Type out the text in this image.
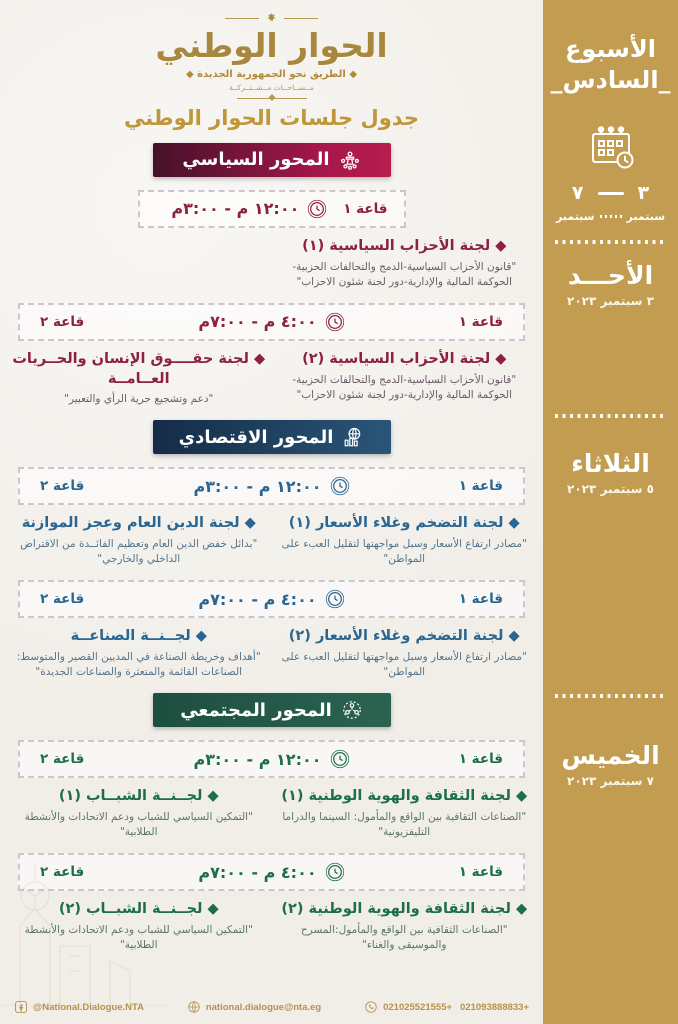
الأسبوع
_السادس_
٣
٧
سبتمبر
سبتمبر
الأحـــد
٣ سبتمبر ٢٠٢٣
الثلاثاء
٥ سبتمبر ٢٠٢٣
الخميس
٧ سبتمبر ٢٠٢٣
الحوار الوطني
◆ الطريق نحو الجمهورية الجديدة ◆
مــســاحــات مــشــتــركــة
جدول جلسات الحوار الوطني
المحور السياسي
قاعة ١
١٢:٠٠ م - ٣:٠٠م
◆ لجنة الأحزاب السياسية (١)
"قانون الأحزاب السياسية-الدمج والتحالفات الحزبية-الحوكمة المالية والإدارية-دور لجنة شئون الاحزاب"
قاعة ١
٤:٠٠ م - ٧:٠٠م
قاعة ٢
◆ لجنة الأحزاب السياسية (٢)
"قانون الأحزاب السياسية-الدمج والتحالفات الحزبية-الحوكمة المالية والإدارية-دور لجنة شئون الاحزاب"
◆ لجنة حقــــوق الإنسان والحــريات العــامــة
"دعم وتشجيع حرية الرأي والتعبير"
المحور الاقتصادي
قاعة ١
١٢:٠٠ م - ٣:٠٠م
قاعة ٢
◆ لجنة التضخم وغلاء الأسعار (١)
"مصادر ارتفاع الأسعار وسبل مواجهتها لتقليل العبء على المواطن"
◆ لجنة الدين العام وعجز الموازنة
"بدائل خفض الدين العام وتعظيم الفائــدة من الاقتراض الداخلي والخارجي"
قاعة ١
٤:٠٠ م - ٧:٠٠م
قاعة ٢
◆ لجنة التضخم وغلاء الأسعار (٢)
"مصادر ارتفاع الأسعار وسبل مواجهتها لتقليل العبء على المواطن"
◆ لجــنــة الصناعــة
"أهداف وخريطة الصناعة في المديين القصير والمتوسط: الصناعات القائمة والمتعثرة والصناعات الجديدة"
المحور المجتمعي
قاعة ١
١٢:٠٠ م - ٣:٠٠م
قاعة ٢
◆ لجنة الثقافة والهوية الوطنية (١)
"الصناعات الثقافية بين الواقع والمأمول: السينما والدراما التليفزيونية"
◆ لجــنــة الشبــاب (١)
"التمكين السياسي للشباب ودعم الاتحادات والأنشطة الطلابية"
قاعة ١
٤:٠٠ م - ٧:٠٠م
قاعة ٢
◆ لجنة الثقافة والهوية الوطنية (٢)
"الصناعات الثقافية بين الواقع والمأمول:المسرح والموسيقى والغناء"
◆ لجــنــة الشبــاب (٢)
"التمكين السياسي للشباب ودعم الاتحادات والأنشطة الطلابية"
@National.Dialogue.NTA	national.dialogue@nta.eg	021025521555+ 021093888833+
